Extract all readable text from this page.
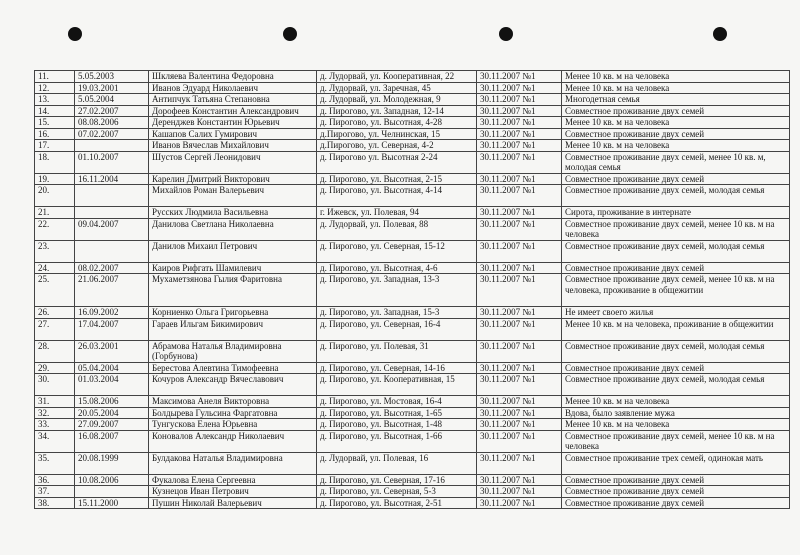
11.	5.05.2003	Шкляева Валентина Федоровна	д. Лудорвай, ул. Кооперативная, 22	30.11.2007 №1	Менее 10 кв. м на человека
12.	19.03.2001	Иванов Эдуард Николаевич	д. Лудорвай, ул. Заречная, 45	30.11.2007 №1	Менее 10 кв. м на человека
13.	5.05.2004	Антипчук Татьяна Степановна	д. Лудорвай, ул. Молодежная, 9	30.11.2007 №1	Многодетная семья
14.	27.02.2007	Дорофеев Константин Александрович	д. Пирогово, ул. Западная, 12-14	30.11.2007 №1	Совместное проживание двух семей
15.	08.08.2006	Деренджев Константин Юрьевич	д. Пирогово, ул. Высотная, 4-28	30.11.2007 №1	Менее 10 кв. м на человека
16.	07.02.2007	Кашапов Салих Гумирович	д.Пирогово, ул. Челнинская, 15	30.11.2007 №1	Совместное проживание двух семей
17.		Иванов Вячеслав Михайлович	д.Пирогово, ул. Северная, 4-2	30.11.2007 №1	Менее 10 кв. м на человека
18.	01.10.2007	Шустов Сергей Леонидович	д. Пирогово ул. Высотная 2-24	30.11.2007 №1	Совместное проживание двух семей, менее 10 кв. м, молодая семья
19.	16.11.2004	Карелин Дмитрий Викторович	д. Пирогово, ул. Высотная, 2-15	30.11.2007 №1	Совместное проживание двух семей
20.		Михайлов Роман Валерьевич	д. Пирогово, ул. Высотная, 4-14	30.11.2007 №1	Совместное проживание двух семей, молодая семья
21.		Русских Людмила Васильевна	г. Ижевск, ул. Полевая, 94	30.11.2007 №1	Сирота, проживание в интернате
22.	09.04.2007	Данилова Светлана Николаевна	д. Лудорвай, ул. Полевая, 88	30.11.2007 №1	Совместное проживание двух семей, менее 10 кв. м на человека
23.		Данилов Михаил Петрович	д. Пирогово, ул. Северная, 15-12	30.11.2007 №1	Совместное проживание двух семей, молодая семья
24.	08.02.2007	Каиров Рифгать Шамилевич	д. Пирогово, ул. Высотная, 4-6	30.11.2007 №1	Совместное проживание двух семей
25.	21.06.2007	Мухаметзянова Гылия Фаритовна	д. Пирогово, ул. Западная, 13-3	30.11.2007 №1	Совместное проживание двух семей, менее 10 кв. м на человека, проживание в общежитии
26.	16.09.2002	Корниенко Ольга Григорьевна	д. Пирогово, ул. Западная, 15-3	30.11.2007 №1	Не имеет своего жилья
27.	17.04.2007	Гараев Ильгам Бикимирович	д. Пирогово, ул. Северная, 16-4	30.11.2007 №1	Менее 10 кв. м на человека, проживание в общежитии
28.	26.03.2001	Абрамова Наталья Владимировна (Горбунова)	д. Пирогово, ул. Полевая, 31	30.11.2007 №1	Совместное проживание двух семей, молодая семья
29.	05.04.2004	Берестова Алевтина Тимофеевна	д. Пирогово, ул. Северная, 14-16	30.11.2007 №1	Совместное проживание двух семей
30.	01.03.2004	Кочуров Александр Вячеславович	д. Пирогово, ул. Кооперативная, 15	30.11.2007 №1	Совместное проживание двух семей, молодая семья
31.	15.08.2006	Максимова Анеля Викторовна	д. Пирогово, ул. Мостовая, 16-4	30.11.2007 №1	Менее 10 кв. м на человека
32.	20.05.2004	Болдырева Гульсина Фаргатовна	д. Пирогово, ул. Высотная, 1-65	30.11.2007 №1	Вдова, было заявление мужа
33.	27.09.2007	Тунгускова Елена Юрьевна	д. Пирогово, ул. Высотная, 1-48	30.11.2007 №1	Менее 10 кв. м на человека
34.	16.08.2007	Коновалов Александр Николаевич	д. Пирогово, ул. Высотная, 1-66	30.11.2007 №1	Совместное проживание двух семей, менее 10 кв. м на человека
35.	20.08.1999	Булдакова Наталья Владимировна	д. Лудорвай, ул. Полевая, 16	30.11.2007 №1	Совместное проживание трех семей, одинокая мать
36.	10.08.2006	Фукалова Елена Сергеевна	д. Пирогово, ул. Северная, 17-16	30.11.2007 №1	Совместное проживание двух семей
37.		Кузнецов Иван Петрович	д. Пирогово, ул. Северная, 5-3	30.11.2007 №1	Совместное проживание двух семей
38.	15.11.2000	Пушин Николай Валерьевич	д. Пирогово, ул. Высотная, 2-51	30.11.2007 №1	Совместное проживание двух семей
